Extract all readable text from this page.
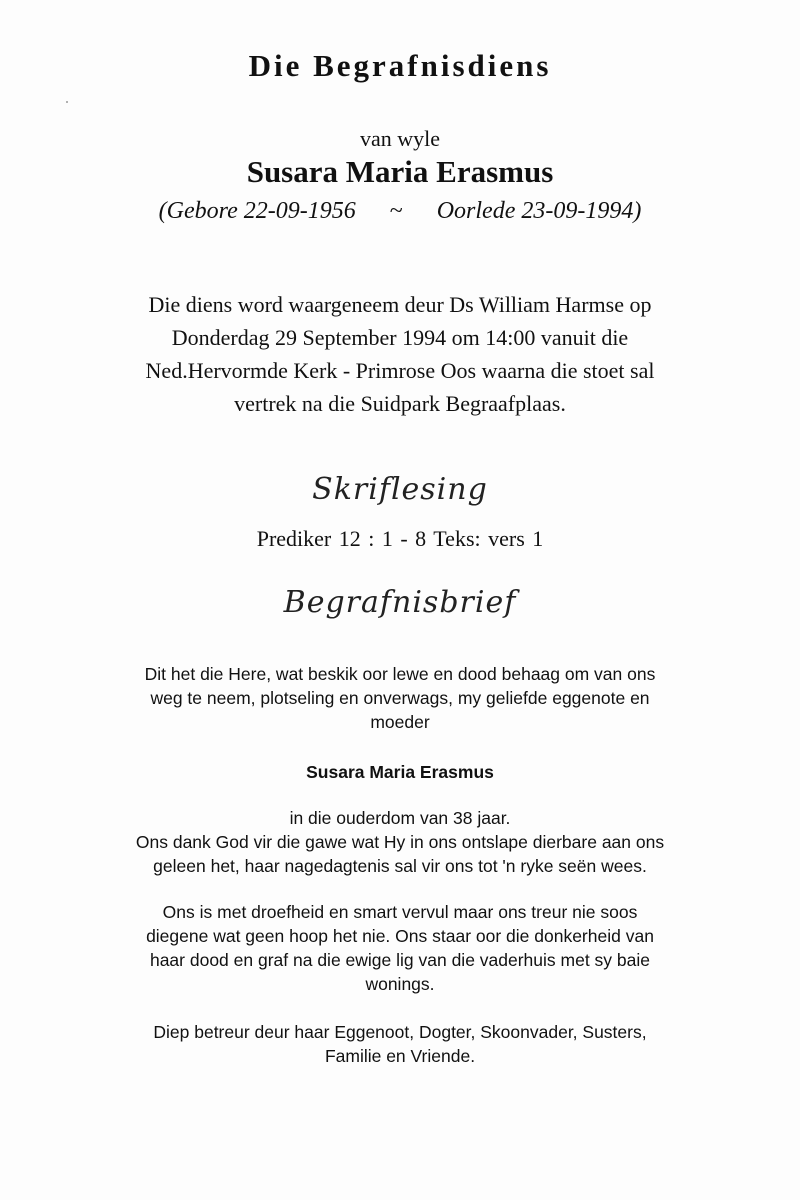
Die Begrafnisdiens
van wyle
Susara Maria Erasmus
(Gebore 22-09-1956 ~ Oorlede 23-09-1994)
Die diens word waargeneem deur Ds William Harmse op
Donderdag 29 September 1994 om 14:00 vanuit die
Ned.Hervormde Kerk - Primrose Oos waarna die stoet sal
vertrek na die Suidpark Begraafplaas.
Skriflesing
Prediker 12 : 1 - 8 Teks: vers 1
Begrafnisbrief
Dit het die Here, wat beskik oor lewe en dood behaag om van ons
weg te neem, plotseling en onverwags, my geliefde eggenote en
moeder
Susara Maria Erasmus
in die ouderdom van 38 jaar.
Ons dank God vir die gawe wat Hy in ons ontslape dierbare aan ons
geleen het, haar nagedagtenis sal vir ons tot 'n ryke seën wees.
Ons is met droefheid en smart vervul maar ons treur nie soos
diegene wat geen hoop het nie. Ons staar oor die donkerheid van
haar dood en graf na die ewige lig van die vaderhuis met sy baie
wonings.
Diep betreur deur haar Eggenoot, Dogter, Skoonvader, Susters,
Familie en Vriende.
